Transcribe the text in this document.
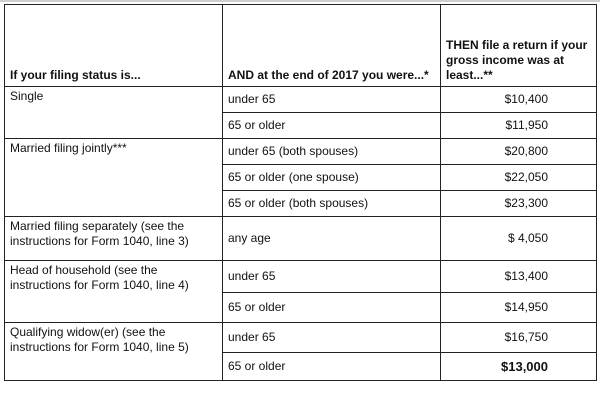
If your filing status is...	AND at the end of 2017 you were...*	THEN file a return if your gross income was at least...**
Single	under 65	$10,400
	65 or older	$11,950
Married filing jointly***	under 65 (both spouses)	$20,800
	65 or older (one spouse)	$22,050
	65 or older (both spouses)	$23,300
Married filing separately (see the instructions for Form 1040, line 3)	any age	$ 4,050
Head of household (see the instructions for Form 1040, line 4)	under 65	$13,400
	65 or older	$14,950
Qualifying widow(er) (see the instructions for Form 1040, line 5)	under 65	$16,750
	65 or older	$13,000
